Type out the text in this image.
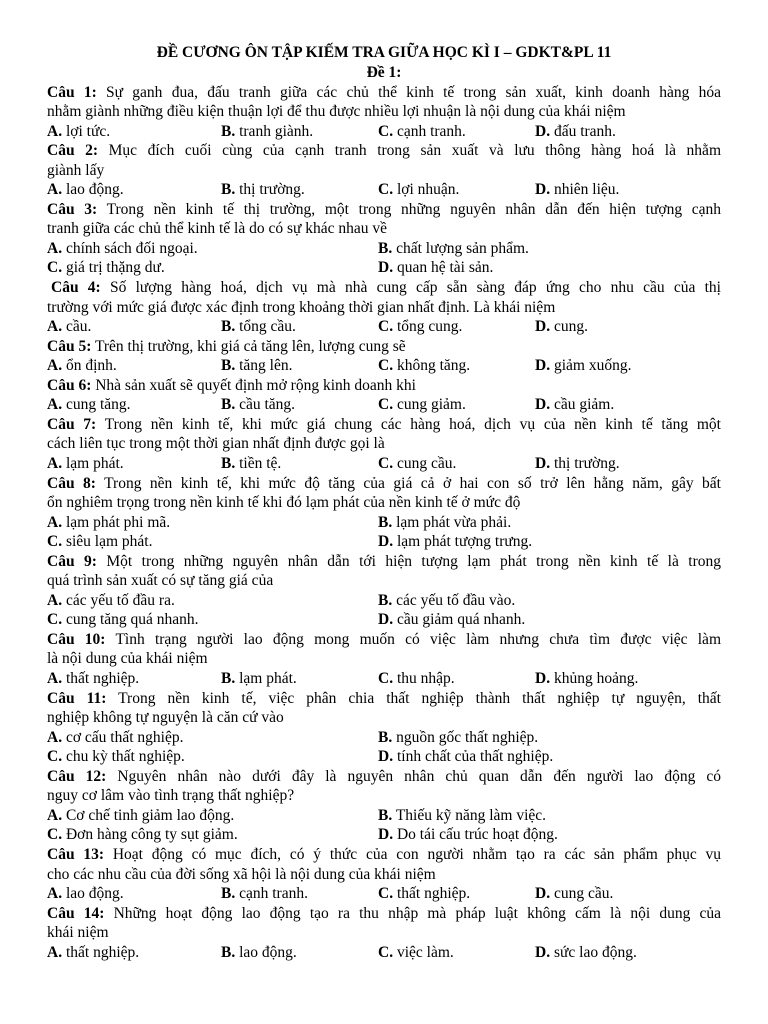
ĐỀ CƯƠNG ÔN TẬP KIẾM TRA GIỮA HỌC KÌ I – GDKT&PL 11
Đề 1:
Câu 1: Sự ganh đua, đấu tranh giữa các chủ thể kinh tế trong sản xuất, kinh doanh hàng hóa
nhằm giành những điều kiện thuận lợi để thu được nhiều lợi nhuận là nội dung của khái niệm
A. lợi tức.	B. tranh giành.	C. cạnh tranh.	D. đấu tranh.
Câu 2: Mục đích cuối cùng của cạnh tranh trong sản xuất và lưu thông hàng hoá là nhằm
giành lấy
A. lao động.	B. thị trường.	C. lợi nhuận.	D. nhiên liệu.
Câu 3: Trong nền kinh tế thị trường, một trong những nguyên nhân dẫn đến hiện tượng cạnh
tranh giữa các chủ thể kinh tế là do có sự khác nhau về
A. chính sách đối ngoại.	B. chất lượng sản phẩm.
C. giá trị thặng dư.	D. quan hệ tài sản.
Câu 4: Số lượng hàng hoá, dịch vụ mà nhà cung cấp sẵn sàng đáp ứng cho nhu cầu của thị
trường với mức giá được xác định trong khoảng thời gian nhất định. Là khái niệm
A. cầu.	B. tổng cầu.	C. tổng cung.	D. cung.
Câu 5: Trên thị trường, khi giá cả tăng lên, lượng cung sẽ
A. ổn định.	B. tăng lên.	C. không tăng.	D. giảm xuống.
Câu 6: Nhà sản xuất sẽ quyết định mở rộng kinh doanh khi
A. cung tăng.	B. cầu tăng.	C. cung giảm.	D. cầu giảm.
Câu 7: Trong nền kinh tế, khi mức giá chung các hàng hoá, dịch vụ của nền kinh tế tăng một
cách liên tục trong một thời gian nhất định được gọi là
A. lạm phát.	B. tiền tệ.	C. cung cầu.	D. thị trường.
Câu 8: Trong nền kinh tế, khi mức độ tăng của giá cả ở hai con số trở lên hằng năm, gây bất
ổn nghiêm trọng trong nền kinh tế khi đó lạm phát của nền kinh tế ở mức độ
A. lạm phát phi mã.	B. lạm phát vừa phải.
C. siêu lạm phát.	D. lạm phát tượng trưng.
Câu 9: Một trong những nguyên nhân dẫn tới hiện tượng lạm phát trong nền kinh tế là trong
quá trình sản xuất có sự tăng giá của
A. các yếu tố đầu ra.	B. các yếu tố đầu vào.
C. cung tăng quá nhanh.	D. cầu giảm quá nhanh.
Câu 10: Tình trạng người lao động mong muốn có việc làm nhưng chưa tìm được việc làm
là nội dung của khái niệm
A. thất nghiệp.	B. lạm phát.	C. thu nhập.	D. khủng hoảng.
Câu 11: Trong nền kinh tế, việc phân chia thất nghiệp thành thất nghiệp tự nguyện, thất
nghiệp không tự nguyện là căn cứ vào
A. cơ cấu thất nghiệp.	B. nguồn gốc thất nghiệp.
C. chu kỳ thất nghiệp.	D. tính chất của thất nghiệp.
Câu 12: Nguyên nhân nào dưới đây là nguyên nhân chủ quan dẫn đến người lao động có
nguy cơ lâm vào tình trạng thất nghiệp?
A. Cơ chế tinh giảm lao động.	B. Thiếu kỹ năng làm việc.
C. Đơn hàng công ty sụt giảm.	D. Do tái cấu trúc hoạt động.
Câu 13: Hoạt động có mục đích, có ý thức của con người nhằm tạo ra các sản phẩm phục vụ
cho các nhu cầu của đời sống xã hội là nội dung của khái niệm
A. lao động.	B. cạnh tranh.	C. thất nghiệp.	D. cung cầu.
Câu 14: Những hoạt động lao động tạo ra thu nhập mà pháp luật không cấm là nội dung của
khái niệm
A. thất nghiệp.	B. lao động.	C. việc làm.	D. sức lao động.
